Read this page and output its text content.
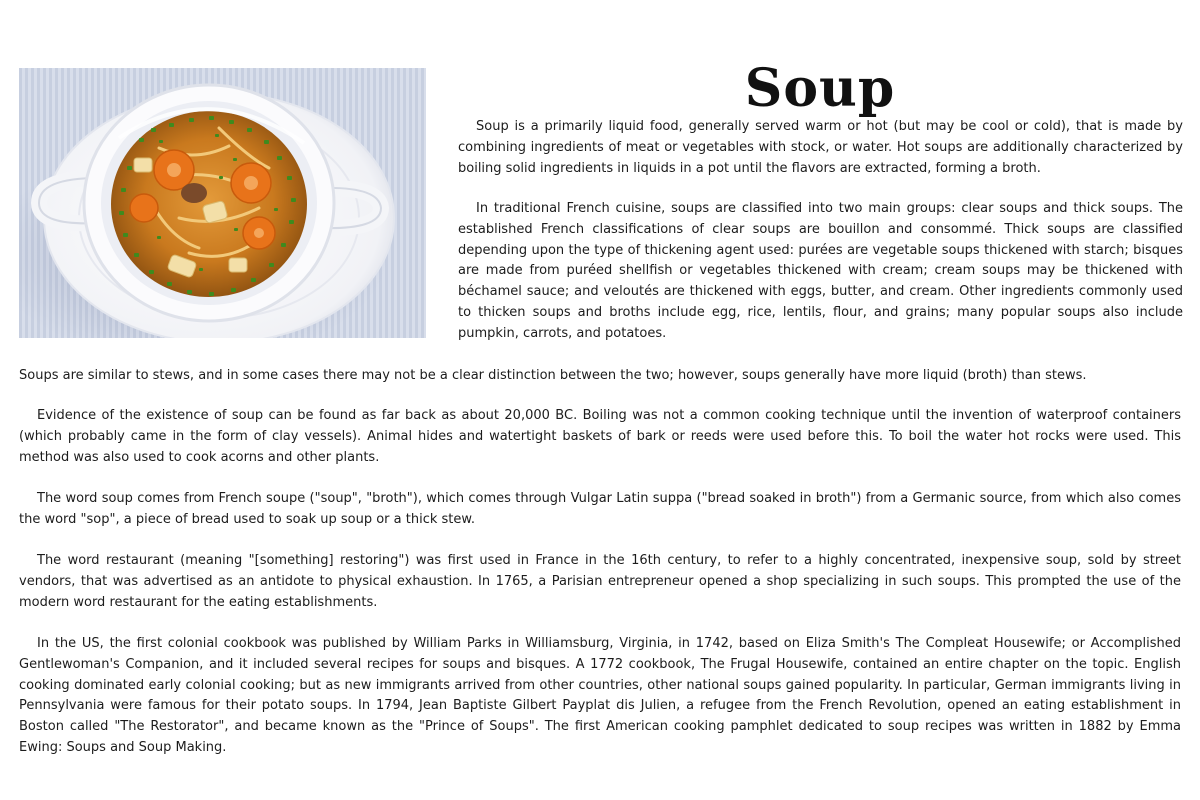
Soup

Soup is a primarily liquid food, generally served warm or hot (but may be cool or cold), that is made by combining ingredients of meat or vegetables with stock, or water. Hot soups are additionally characterized by boiling solid ingredients in liquids in a pot until the flavors are extracted, forming a broth.

In traditional French cuisine, soups are classified into two main groups: clear soups and thick soups. The established French classifications of clear soups are bouillon and consommé. Thick soups are classified depending upon the type of thickening agent used: purées are vegetable soups thickened with starch; bisques are made from puréed shellfish or vegetables thickened with cream; cream soups may be thickened with béchamel sauce; and veloutés are thickened with eggs, butter, and cream. Other ingredients commonly used to thicken soups and broths include egg, rice, lentils, flour, and grains; many popular soups also include pumpkin, carrots, and potatoes.

Soups are similar to stews, and in some cases there may not be a clear distinction between the two; however, soups generally have more liquid (broth) than stews.

Evidence of the existence of soup can be found as far back as about 20,000 BC. Boiling was not a common cooking technique until the invention of waterproof containers (which probably came in the form of clay vessels). Animal hides and watertight baskets of bark or reeds were used before this. To boil the water hot rocks were used. This method was also used to cook acorns and other plants.

The word soup comes from French soupe ("soup", "broth"), which comes through Vulgar Latin suppa ("bread soaked in broth") from a Germanic source, from which also comes the word "sop", a piece of bread used to soak up soup or a thick stew.

The word restaurant (meaning "[something] restoring") was first used in France in the 16th century, to refer to a highly concentrated, inexpensive soup, sold by street vendors, that was advertised as an antidote to physical exhaustion. In 1765, a Parisian entrepreneur opened a shop specializing in such soups. This prompted the use of the modern word restaurant for the eating establishments.

In the US, the first colonial cookbook was published by William Parks in Williamsburg, Virginia, in 1742, based on Eliza Smith's The Compleat Housewife; or Accomplished Gentlewoman's Companion, and it included several recipes for soups and bisques. A 1772 cookbook, The Frugal Housewife, contained an entire chapter on the topic. English cooking dominated early colonial cooking; but as new immigrants arrived from other countries, other national soups gained popularity. In particular, German immigrants living in Pennsylvania were famous for their potato soups. In 1794, Jean Baptiste Gilbert Payplat dis Julien, a refugee from the French Revolution, opened an eating establishment in Boston called "The Restorator", and became known as the "Prince of Soups". The first American cooking pamphlet dedicated to soup recipes was written in 1882 by Emma Ewing: Soups and Soup Making.
